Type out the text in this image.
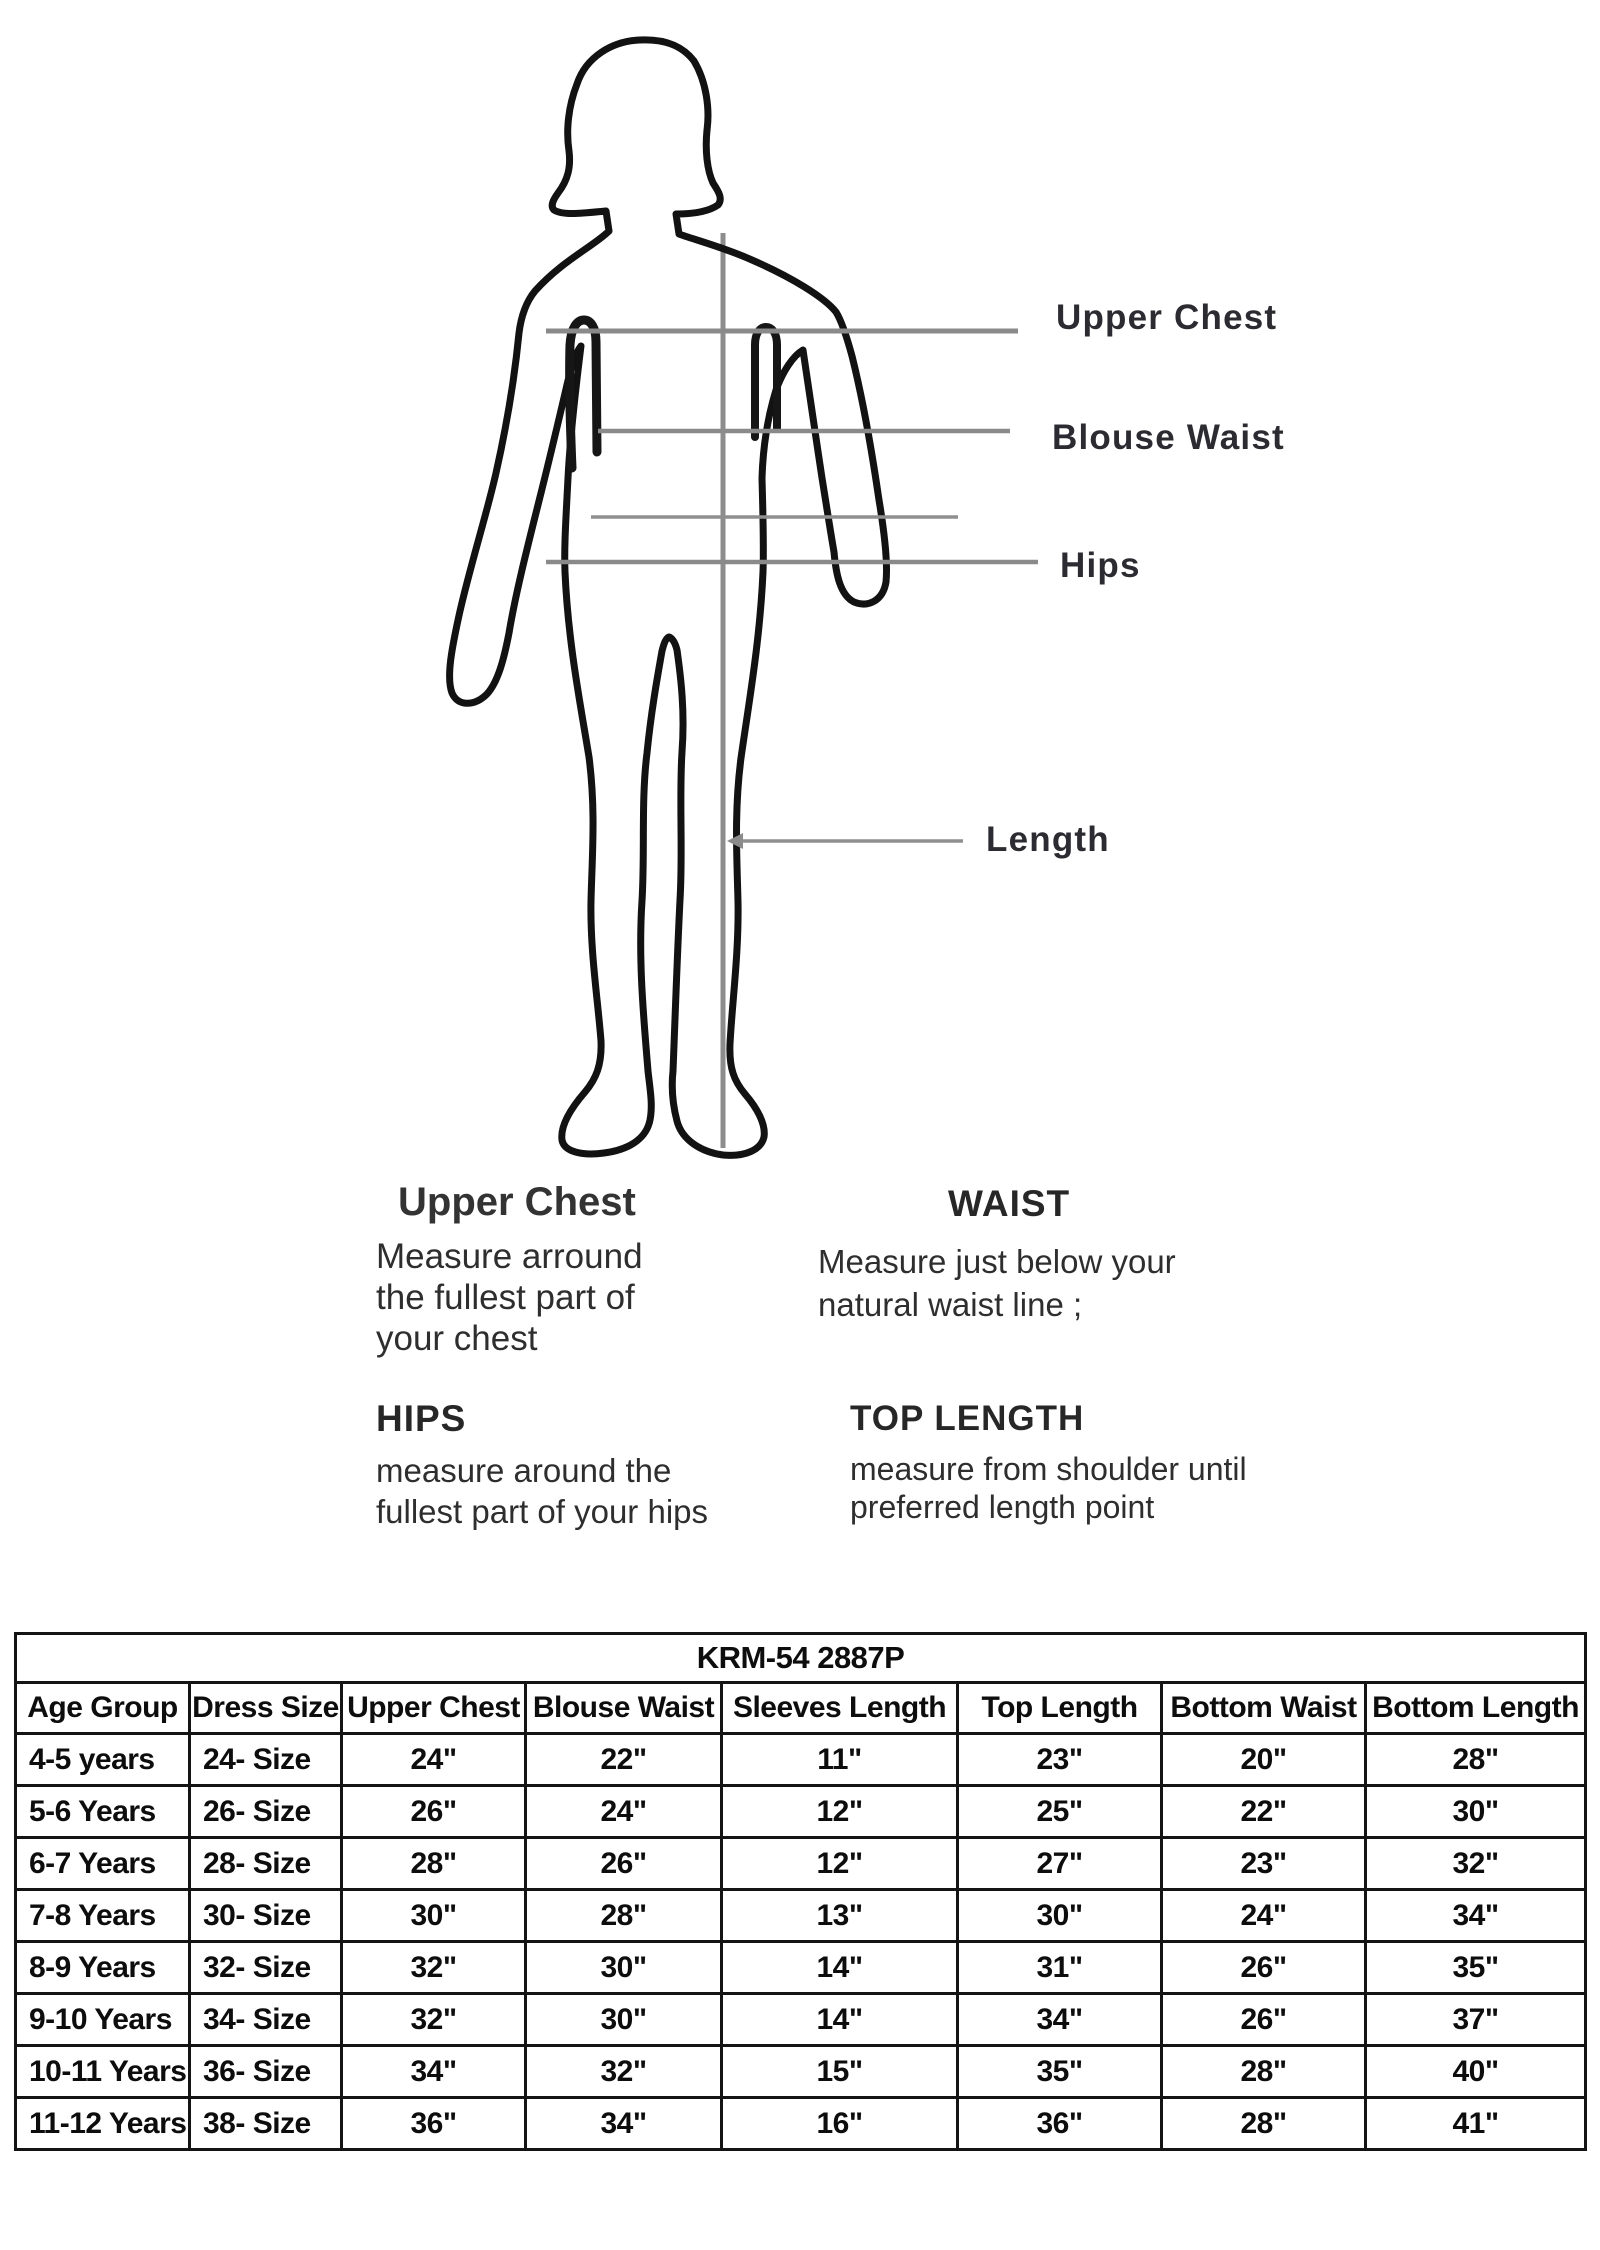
Upper Chest
Blouse Waist
Hips
Length
Upper Chest
Measure arround
the fullest part of
your chest
WAIST
Measure just below your
natural waist line ;
HIPS
measure around the
fullest part of your hips
TOP LENGTH
measure from shoulder until
preferred length point
KRM-54 2887P							
Age Group	Dress Size	Upper Chest	Blouse Waist	Sleeves Length	Top Length	Bottom Waist	Bottom Length
4-5 years	24- Size	24"	22"	11"	23"	20"	28"
5-6 Years	26- Size	26"	24"	12"	25"	22"	30"
6-7 Years	28- Size	28"	26"	12"	27"	23"	32"
7-8 Years	30- Size	30"	28"	13"	30"	24"	34"
8-9 Years	32- Size	32"	30"	14"	31"	26"	35"
9-10 Years	34- Size	32"	30"	14"	34"	26"	37"
10-11 Years	36- Size	34"	32"	15"	35"	28"	40"
11-12 Years	38- Size	36"	34"	16"	36"	28"	41"
